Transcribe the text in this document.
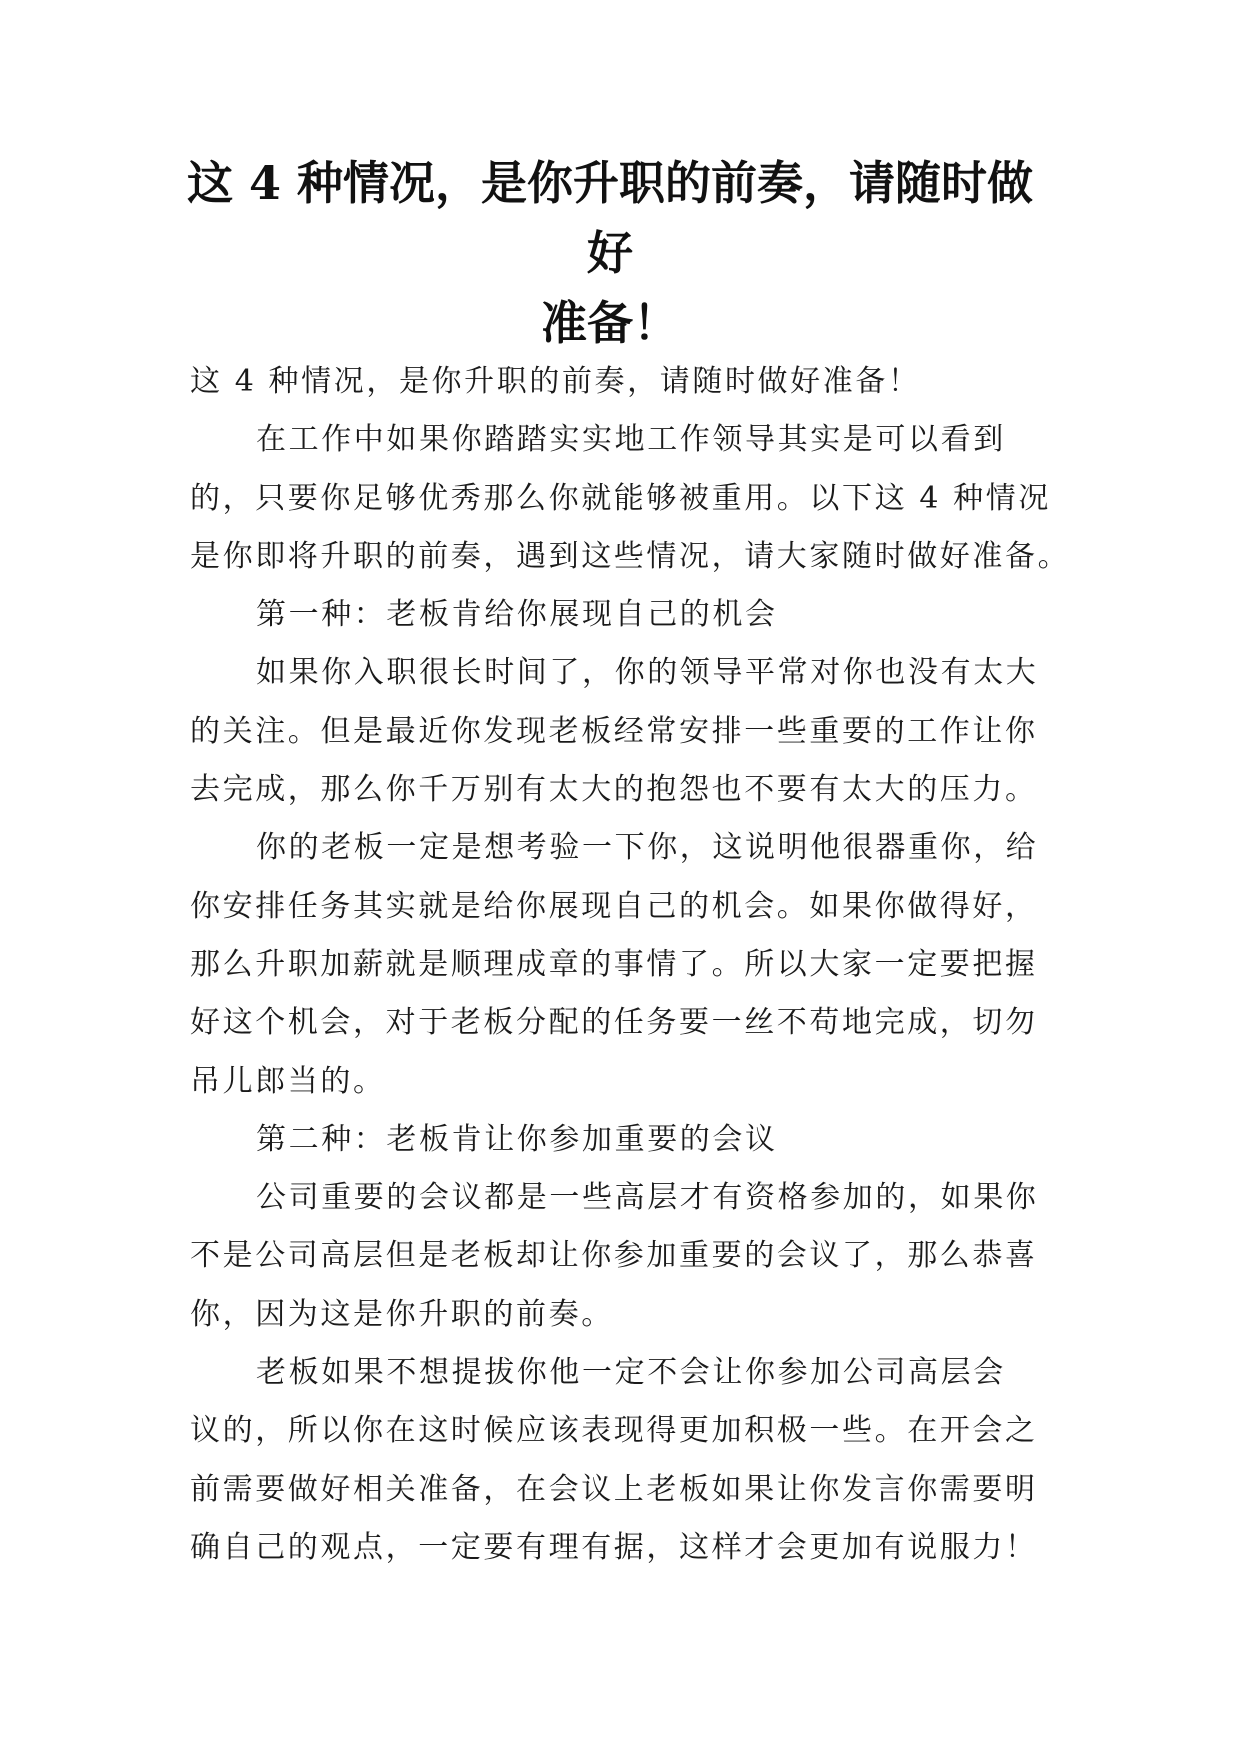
这 4 种情况，是你升职的前奏，请随时做好
准备！

这 4 种情况，是你升职的前奏，请随时做好准备！

在工作中如果你踏踏实实地工作领导其实是可以看到

的，只要你足够优秀那么你就能够被重用。以下这 4 种情况

是你即将升职的前奏，遇到这些情况，请大家随时做好准备。

第一种：老板肯给你展现自己的机会

如果你入职很长时间了，你的领导平常对你也没有太大

的关注。但是最近你发现老板经常安排一些重要的工作让你

去完成，那么你千万别有太大的抱怨也不要有太大的压力。

你的老板一定是想考验一下你，这说明他很器重你，给

你安排任务其实就是给你展现自己的机会。如果你做得好，

那么升职加薪就是顺理成章的事情了。所以大家一定要把握

好这个机会，对于老板分配的任务要一丝不苟地完成，切勿

吊儿郎当的。

第二种：老板肯让你参加重要的会议

公司重要的会议都是一些高层才有资格参加的，如果你

不是公司高层但是老板却让你参加重要的会议了，那么恭喜

你，因为这是你升职的前奏。

老板如果不想提拔你他一定不会让你参加公司高层会

议的，所以你在这时候应该表现得更加积极一些。在开会之

前需要做好相关准备，在会议上老板如果让你发言你需要明

确自己的观点，一定要有理有据，这样才会更加有说服力！
